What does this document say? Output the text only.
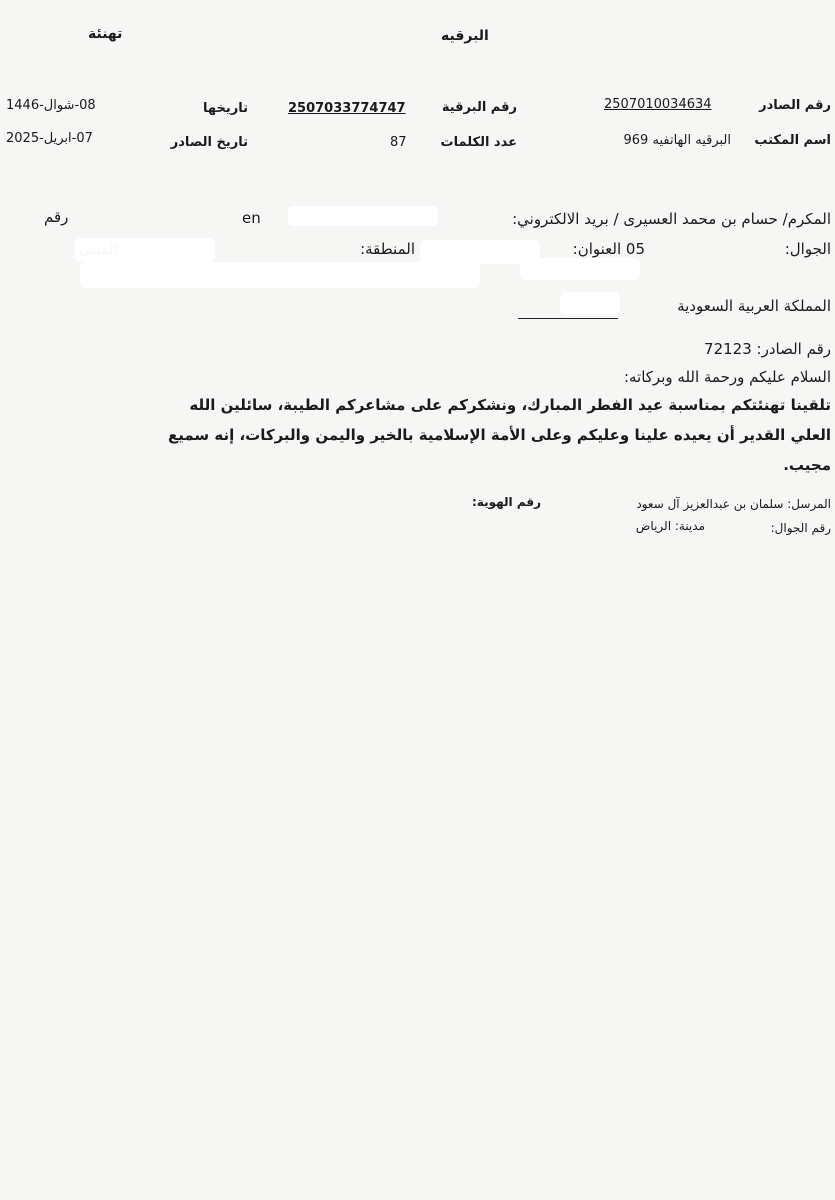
البرقيه
تهنئة
رقم الصادر
2507010034634
رقم البرقية
2507033774747
تاريخها
08-شوال-1446
اسم المكتب
البرقيه الهاتفيه 969
عدد الكلمات
87
تاريخ الصادر
07-ابريل-2025
المكرم/ حسام بن محمد العسيرى / بريد الالكتروني:
en
رقم
الجوال:
05 العنوان:
المنطقة:
المملكة العربية السعودية
رقم الصادر: 72123
السلام عليكم ورحمة الله وبركاته:
تلقينا تهنئتكم بمناسبة عيد الفطر المبارك، ونشكركم على مشاعركم الطيبة، سائلين الله
العلي القدير أن يعيده علينا وعليكم وعلى الأمة الإسلامية بالخير واليمن والبركات، إنه سميع
مجيب.
المرسل: سلمان بن عبدالعزيز آل سعود
رقم الهوية:
رقم الجوال:
مدينة: الرياض
